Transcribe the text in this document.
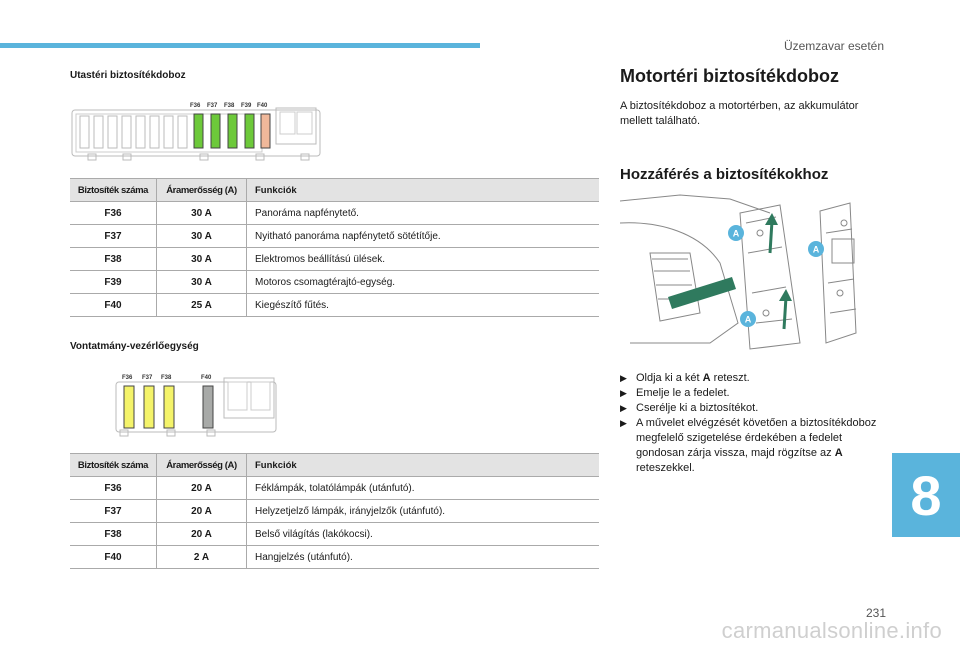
Üzemzavar esetén
Utastéri biztosítékdoboz
F36 F37 F38 F39 F40
Biztosíték száma	Áramerősség (A)	Funkciók
F36	30 A	Panoráma napfénytető.
F37	30 A	Nyitható panoráma napfénytető sötétítője.
F38	30 A	Elektromos beállítású ülések.
F39	30 A	Motoros csomagtérajtó-egység.
F40	25 A	Kiegészítő fűtés.
Vontatmány-vezérlőegység
F36 F37 F38	F40
Biztosíték száma	Áramerősség (A)	Funkciók
F36	20 A	Féklámpák, tolatólámpák (utánfutó).
F37	20 A	Helyzetjelző lámpák, irányjelzők (utánfutó).
F38	20 A	Belső világítás (lakókocsi).
F40	2 A	Hangjelzés (utánfutó).
Motortéri biztosítékdoboz
A biztosítékdoboz a motortérben, az akkumulátor mellett található.
Hozzáférés a biztosítékokhoz
A
A
A
▶ Oldja ki a két A reteszt.
▶ Emelje le a fedelet.
▶ Cserélje ki a biztosítékot.
▶ A művelet elvégzését követően a biztosítékdoboz megfelelő szigetelése érdekében a fedelet gondosan zárja vissza, majd rögzítse az A reteszekkel.	8
231
carmanualsonline.info
